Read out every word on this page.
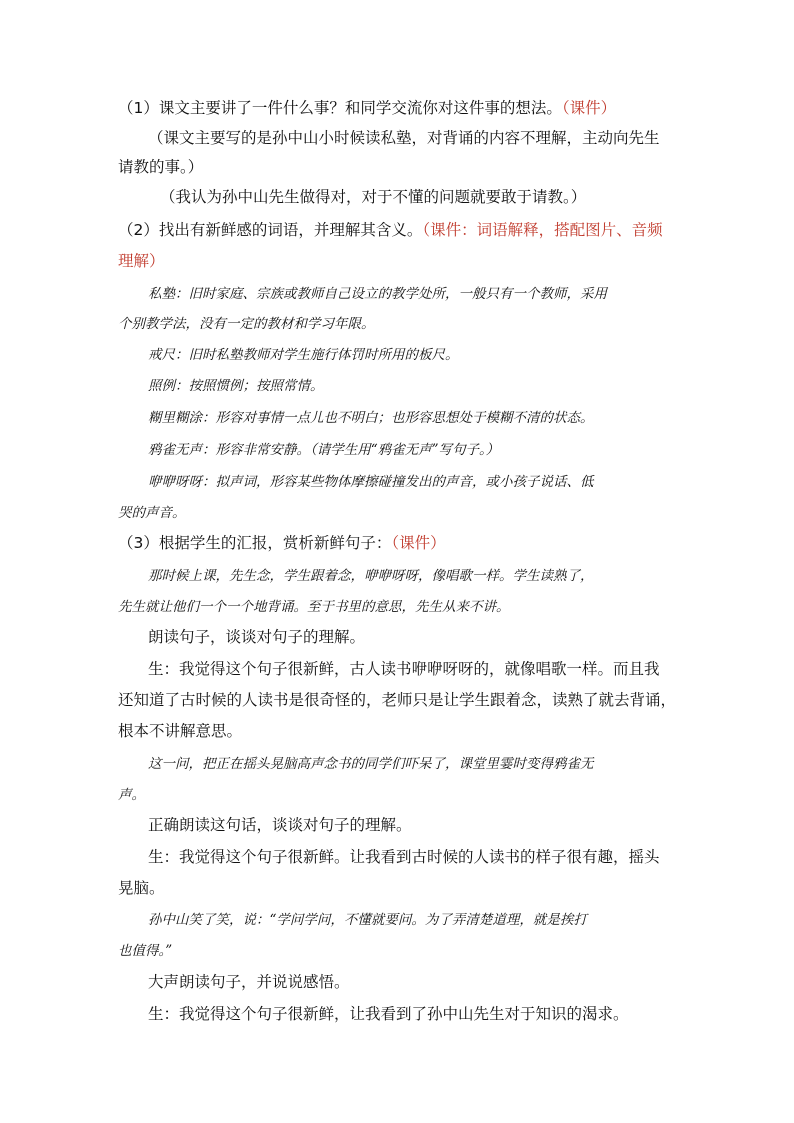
（1）课文主要讲了一件什么事？和同学交流你对这件事的想法。（课件）
（课文主要写的是孙中山小时候读私塾，对背诵的内容不理解，主动向先生
请教的事。）
（我认为孙中山先生做得对，对于不懂的问题就要敢于请教。）
（2）找出有新鲜感的词语，并理解其含义。（课件：词语解释，搭配图片、音频
理解）
私塾：旧时家庭、宗族或教师自己设立的教学处所，一般只有一个教师，采用
个别教学法，没有一定的教材和学习年限。
戒尺：旧时私塾教师对学生施行体罚时所用的板尺。
照例：按照惯例；按照常情。
糊里糊涂：形容对事情一点儿也不明白；也形容思想处于模糊不清的状态。
鸦雀无声：形容非常安静。（请学生用“鸦雀无声”写句子。）
咿咿呀呀：拟声词，形容某些物体摩擦碰撞发出的声音，或小孩子说话、低
哭的声音。
（3）根据学生的汇报，赏析新鲜句子：（课件）
那时候上课，先生念，学生跟着念，咿咿呀呀，像唱歌一样。学生读熟了，
先生就让他们一个一个地背诵。至于书里的意思，先生从来不讲。
朗读句子，谈谈对句子的理解。
生：我觉得这个句子很新鲜，古人读书咿咿呀呀的，就像唱歌一样。而且我
还知道了古时候的人读书是很奇怪的，老师只是让学生跟着念，读熟了就去背诵，
根本不讲解意思。
这一问，把正在摇头晃脑高声念书的同学们吓呆了，课堂里霎时变得鸦雀无
声。
正确朗读这句话，谈谈对句子的理解。
生：我觉得这个句子很新鲜。让我看到古时候的人读书的样子很有趣，摇头
晃脑。
孙中山笑了笑，说：“学问学问，不懂就要问。为了弄清楚道理，就是挨打
也值得。”
大声朗读句子，并说说感悟。
生：我觉得这个句子很新鲜，让我看到了孙中山先生对于知识的渴求。
